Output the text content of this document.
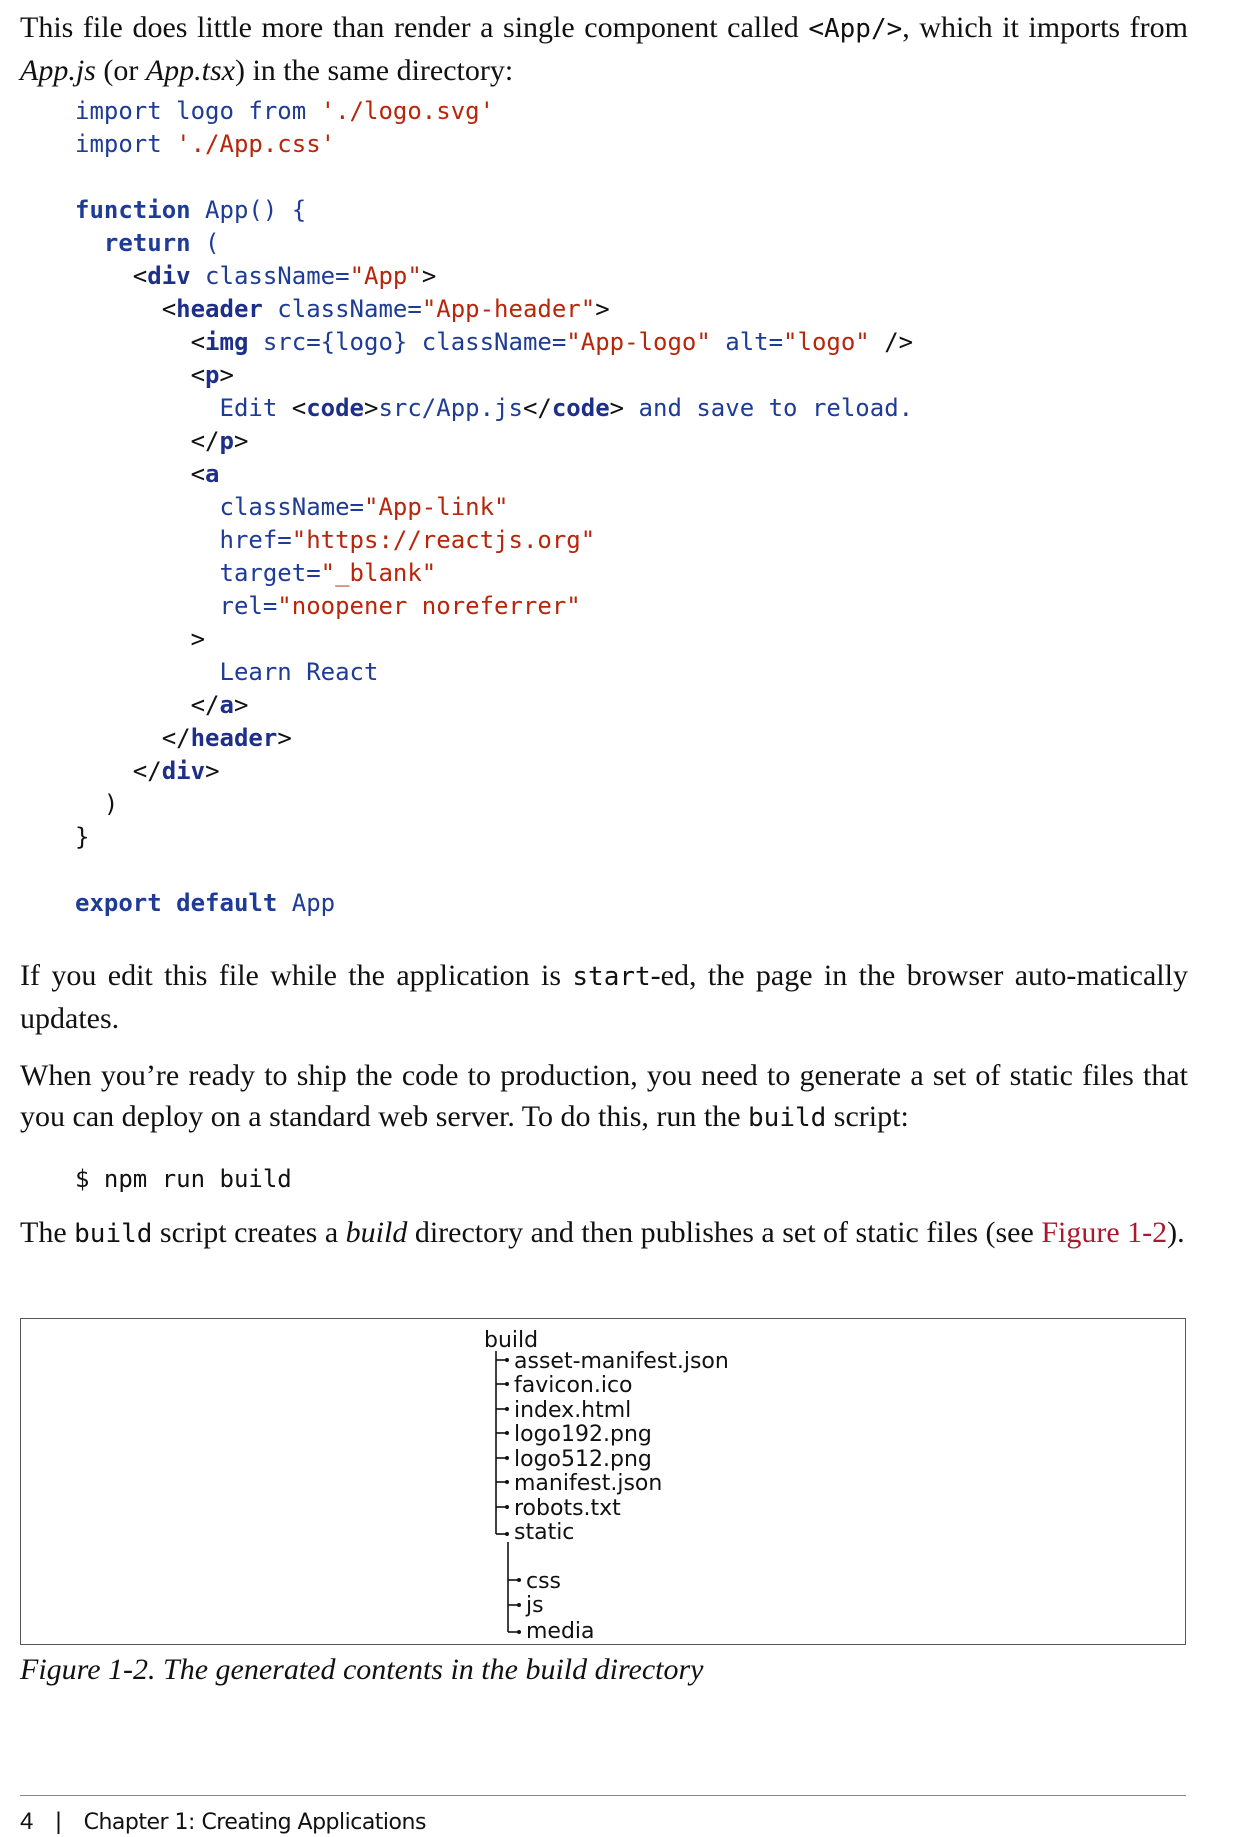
This file does little more than render a single component called <App/>, which it imports from App.js (or App.tsx) in the same directory:

import logo from './logo.svg'
import './App.css'

function App() {
return (
<div className="App">
<header className="App-header">
<img src={logo} className="App-logo" alt="logo" />
<p>
Edit <code>src/App.js</code> and save to reload.
</p>
<a
className="App-link"
href="https://reactjs.org"
target="_blank"
rel="noopener noreferrer"
>
Learn React
</a>
</header>
</div>
)
}

export default App

If you edit this file while the application is start-ed, the page in the browser auto-matically updates.

When you’re ready to ship the code to production, you need to generate a set of static files that you can deploy on a standard web server. To do this, run the build script:

$ npm run build

The build script creates a build directory and then publishes a set of static files (see Figure 1-2).

build
asset-manifest.json
favicon.ico
index.html
logo192.png
logo512.png
manifest.json
robots.txt
static
css
js
media
Figure 1-2. The generated contents in the build directory
4 | Chapter 1: Creating Applications
